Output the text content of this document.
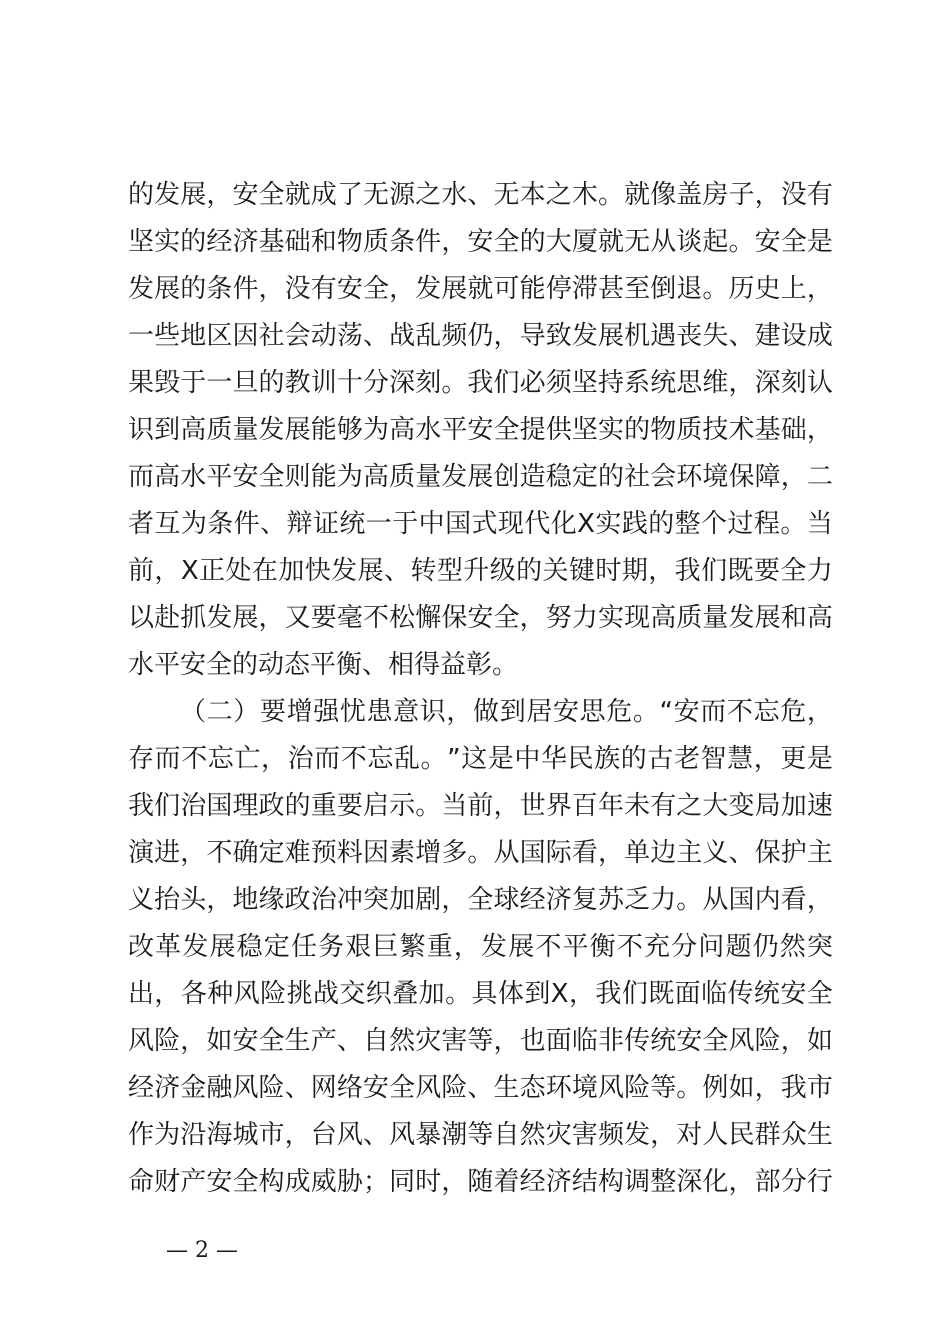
的 发 展 ， 安 全 就 成 了 无 源 之 水 、 无 本 之 木 。 就 像 盖 房 子 ， 没 有
坚 实 的 经 济 基 础 和 物 质 条 件 ， 安 全 的 大 厦 就 无 从 谈 起 。 安 全 是
发 展 的 条 件 ， 没 有 安 全 ， 发 展 就 可 能 停 滞 甚 至 倒 退 。 历 史 上 ，
一 些 地 区 因 社 会 动 荡 、 战 乱 频 仍 ， 导 致 发 展 机 遇 丧 失 、 建 设 成
果 毁 于 一 旦 的 教 训 十 分 深 刻 。 我 们 必 须 坚 持 系 统 思 维 ， 深 刻 认
识 到 高 质 量 发 展 能 够 为 高 水 平 安 全 提 供 坚 实 的 物 质 技 术 基 础 ，
而 高 水 平 安 全 则 能 为 高 质 量 发 展 创 造 稳 定 的 社 会 环 境 保 障 ， 二
者 互 为 条 件 、 辩 证 统 一 于 中 国 式 现 代 化 X 实 践 的 整 个 过 程 。 当
前 ， X 正 处 在 加 快 发 展 、 转 型 升 级 的 关 键 时 期 ， 我 们 既 要 全 力
以 赴 抓 发 展 ， 又 要 毫 不 松 懈 保 安 全 ， 努 力 实 现 高 质 量 发 展 和 高
水平安全的动态平衡、相得益彰。
（ 二 ） 要 增 强 忧 患 意 识 ， 做 到 居 安 思 危 。 “ 安 而 不 忘 危 ，
存 而 不 忘 亡 ， 治 而 不 忘 乱 。 ” 这 是 中 华 民 族 的 古 老 智 慧 ， 更 是
我 们 治 国 理 政 的 重 要 启 示 。 当 前 ， 世 界 百 年 未 有 之 大 变 局 加 速
演 进 ， 不 确 定 难 预 料 因 素 增 多 。 从 国 际 看 ， 单 边 主 义 、 保 护 主
义 抬 头 ， 地 缘 政 治 冲 突 加 剧 ， 全 球 经 济 复 苏 乏 力 。 从 国 内 看 ，
改 革 发 展 稳 定 任 务 艰 巨 繁 重 ， 发 展 不 平 衡 不 充 分 问 题 仍 然 突
出 ， 各 种 风 险 挑 战 交 织 叠 加 。 具 体 到 X ， 我 们 既 面 临 传 统 安 全
风 险 ， 如 安 全 生 产 、 自 然 灾 害 等 ， 也 面 临 非 传 统 安 全 风 险 ， 如
经 济 金 融 风 险 、 网 络 安 全 风 险 、 生 态 环 境 风 险 等 。 例 如 ， 我 市
作 为 沿 海 城 市 ， 台 风 、 风 暴 潮 等 自 然 灾 害 频 发 ， 对 人 民 群 众 生
命 财 产 安 全 构 成 威 胁 ； 同 时 ， 随 着 经 济 结 构 调 整 深 化 ， 部 分 行
— 2 —
